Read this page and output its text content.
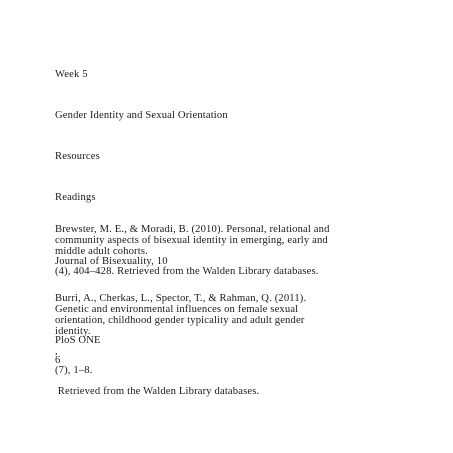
Week 5
Gender Identity and Sexual Orientation
Resources
Readings
Brewster, M. E., & Moradi, B. (2010). Personal, relational and
community aspects of bisexual identity in emerging, early and
middle adult cohorts.
Journal of Bisexuality, 10
(4), 404–428. Retrieved from the Walden Library databases.
Burri, A., Cherkas, L., Spector, T., & Rahman, Q. (2011).
Genetic and environmental influences on female sexual
orientation, childhood gender typicality and adult gender
identity.
PloS ONE
,
6
(7), 1–8.
Retrieved from the Walden Library databases.
